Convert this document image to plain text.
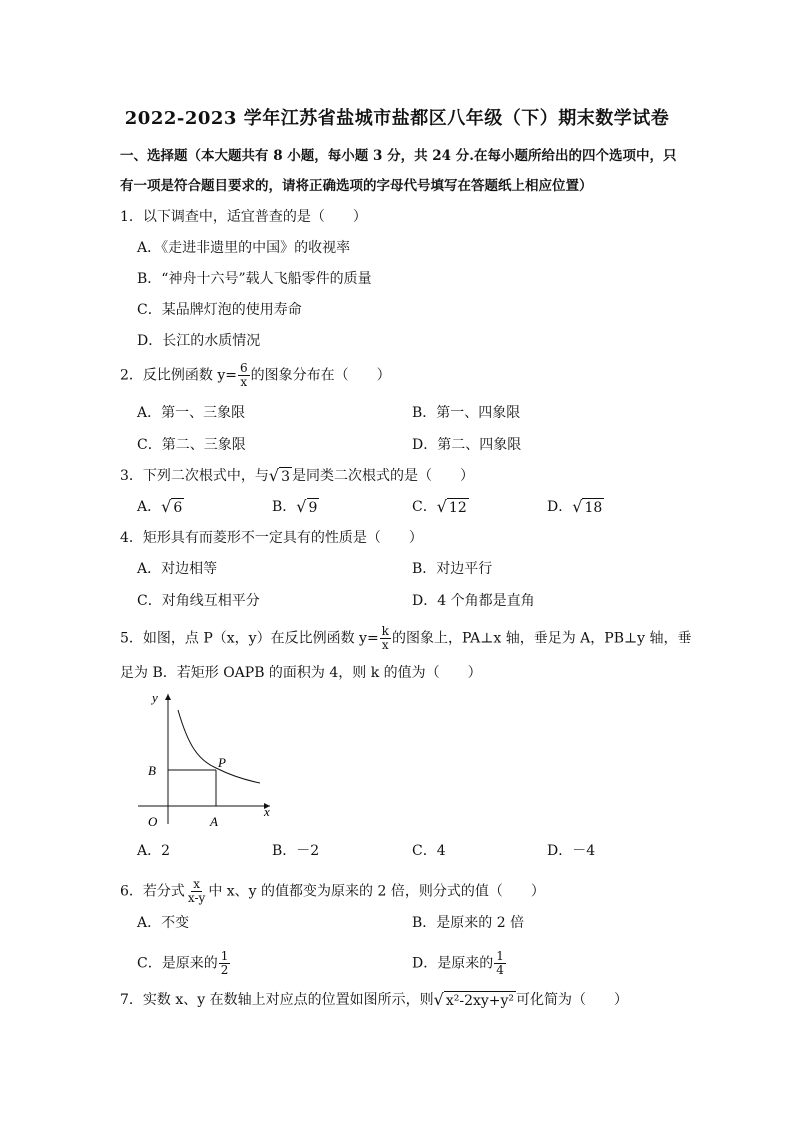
2022-2023 学年江苏省盐城市盐都区八年级（下）期末数学试卷
一、选择题（本大题共有 8 小题，每小题 3 分，共 24 分.在每小题所给出的四个选项中，只
有一项是符合题目要求的，请将正确选项的字母代号填写在答题纸上相应位置）
1．以下调查中，适宜普查的是（　　）
A．《走进非遗里的中国》的收视率
B．“神舟十六号”载人飞船零件的质量
C．某品牌灯泡的使用寿命
D．长江的水质情况
2．反比例函数 $y= \frac{6}{x}$ 的图象分布在（　　）
A．第一、三象限	B．第一、四象限
C．第二、三象限	D．第二、四象限
3．下列二次根式中，与 √ 3 是同类二次根式的是（　　）
A． √ 6	B． √ 9	C． √ 12	D． √ 18
4．矩形具有而菱形不一定具有的性质是（　　）
A．对边相等	B．对边平行
C．对角线互相平分	D．4 个角都是直角
5．如图，点 P（x，y）在反比例函数 $y= \frac{k}{x}$ 的图象上，PA⊥x 轴，垂足为 A，PB⊥y 轴，垂
足为 B．若矩形 OAPB 的面积为 4，则 k 的值为（　　）
y
x
O	A
B
P
A．2	B．－2	C．4	D．－4
6．若分式 $\frac{x}{x-y}$ 中 x、y 的值都变为原来的 2 倍，则分式的值（　　）
A．不变	B．是原来的 2 倍
C．是原来的 $\frac{1}{2}$	D．是原来的 $\frac{1}{4}$
7．实数 x、y 在数轴上对应点的位置如图所示，则 √ x²-2xy+y² 可化简为（　　）
